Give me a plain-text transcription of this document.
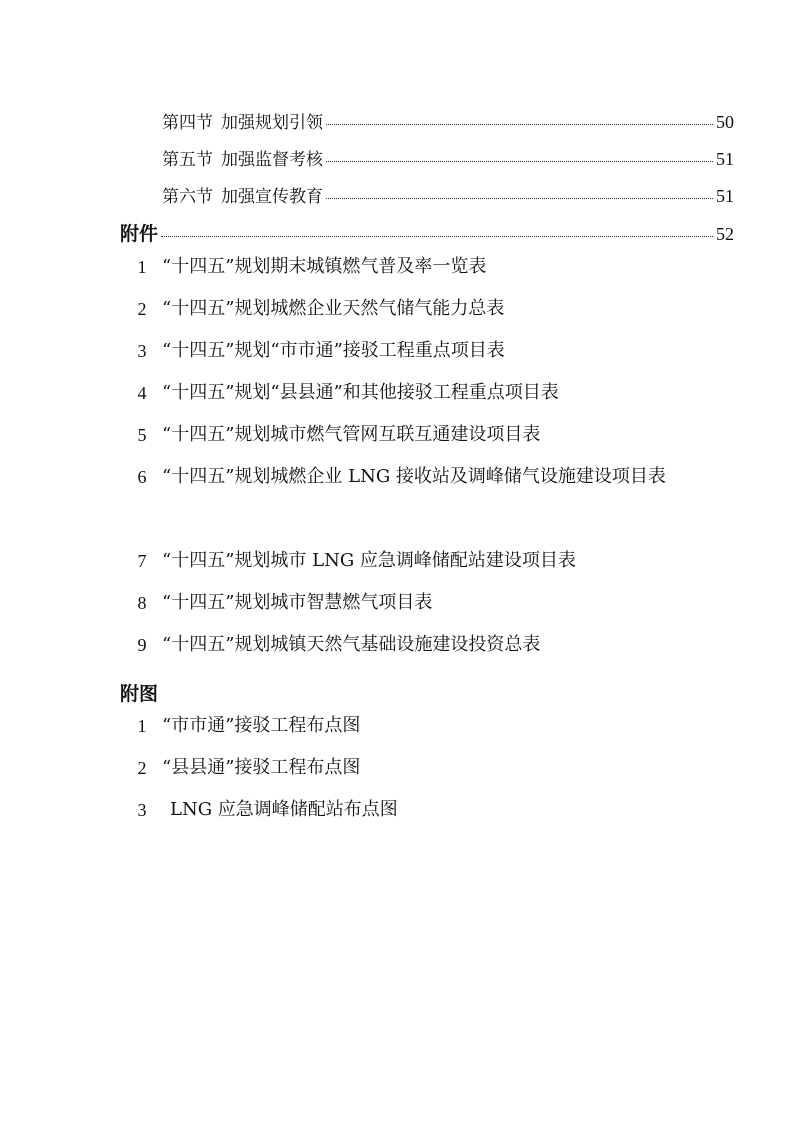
第四节 加强规划引领	50
第五节 加强监督考核	51
第六节 加强宣传教育	51
附件	52
1 “十四五”规划期末城镇燃气普及率一览表
2 “十四五”规划城燃企业天然气储气能力总表
3 “十四五”规划“市市通”接驳工程重点项目表
4 “十四五”规划“县县通”和其他接驳工程重点项目表
5 “十四五”规划城市燃气管网互联互通建设项目表
6 “十四五”规划城燃企业 LNG 接收站及调峰储气设施建设项目表
7 “十四五”规划城市 LNG 应急调峰储配站建设项目表
8 “十四五”规划城市智慧燃气项目表
9 “十四五”规划城镇天然气基础设施建设投资总表
附图
1 “市市通”接驳工程布点图
2 “县县通”接驳工程布点图
3 LNG 应急调峰储配站布点图
